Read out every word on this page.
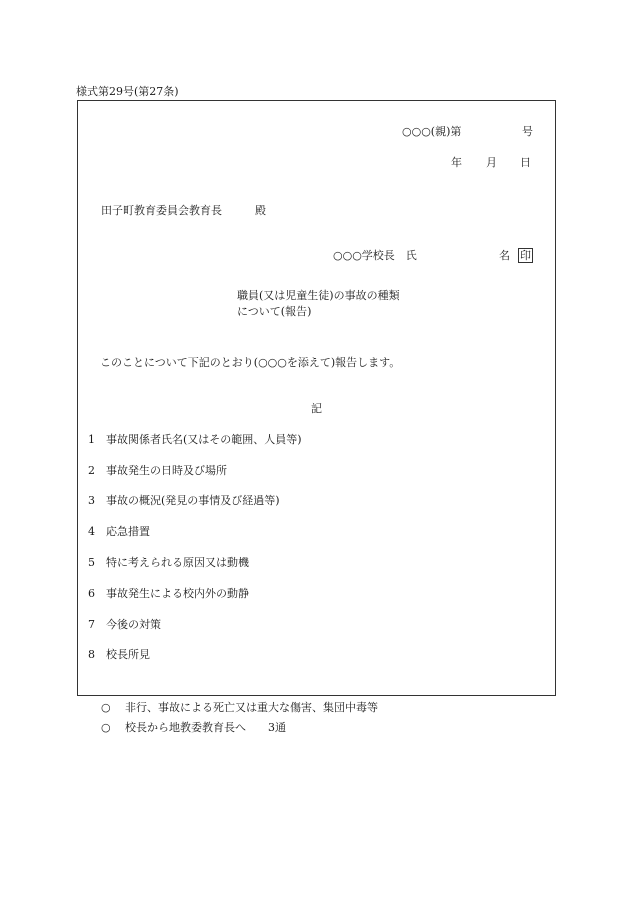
様式第29号(第27条)
○○○(親)第	号
年 月 日
田子町教育委員会教育長	殿
○○○学校長　氏	名 印
職員(又は児童生徒)の事故の種類
について(報告)
このことについて下記のとおり(○○○を添えて)報告します。
記
1 事故関係者氏名(又はその範囲、人員等)
2 事故発生の日時及び場所
3 事故の概況(発見の事情及び経過等)
4 応急措置
5 特に考えられる原因又は動機
6 事故発生による校内外の動静
7 今後の対策
8 校長所見
○ 非行、事故による死亡又は重大な傷害、集団中毒等
○ 校長から地教委教育長へ　　3通
